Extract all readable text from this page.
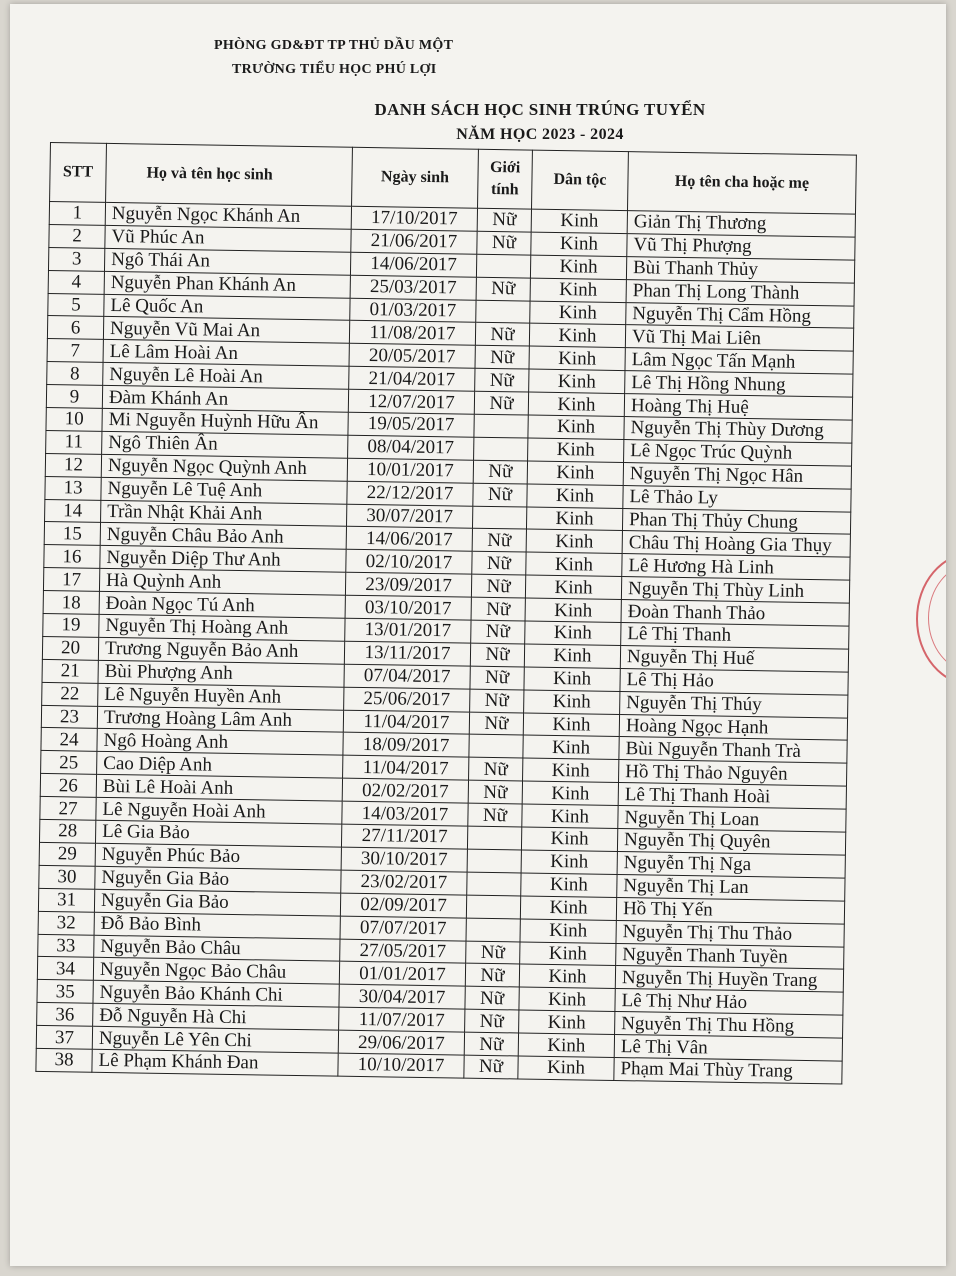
PHÒNG GD&ĐT TP THỦ DẦU MỘT
TRƯỜNG TIỂU HỌC PHÚ LỢI
DANH SÁCH HỌC SINH TRÚNG TUYỂN
NĂM HỌC 2023 - 2024
STT	Họ và tên học sinh	Ngày sinh	Giới tính	Dân tộc	Họ tên cha hoặc mẹ
1	Nguyễn Ngọc Khánh An	17/10/2017	Nữ	Kinh	Giản Thị Thương
2	Vũ Phúc An	21/06/2017	Nữ	Kinh	Vũ Thị Phượng
3	Ngô Thái An	14/06/2017		Kinh	Bùi Thanh Thủy
4	Nguyễn Phan Khánh An	25/03/2017	Nữ	Kinh	Phan Thị Long Thành
5	Lê Quốc An	01/03/2017		Kinh	Nguyễn Thị Cẩm Hồng
6	Nguyễn Vũ Mai An	11/08/2017	Nữ	Kinh	Vũ Thị Mai Liên
7	Lê Lâm Hoài An	20/05/2017	Nữ	Kinh	Lâm Ngọc Tấn Mạnh
8	Nguyễn Lê Hoài An	21/04/2017	Nữ	Kinh	Lê Thị Hồng Nhung
9	Đàm Khánh An	12/07/2017	Nữ	Kinh	Hoàng Thị Huệ
10	Mi Nguyễn Huỳnh Hữu Ân	19/05/2017		Kinh	Nguyễn Thị Thùy Dương
11	Ngô Thiên Ân	08/04/2017		Kinh	Lê Ngọc Trúc Quỳnh
12	Nguyễn Ngọc Quỳnh Anh	10/01/2017	Nữ	Kinh	Nguyễn Thị Ngọc Hân
13	Nguyễn Lê Tuệ Anh	22/12/2017	Nữ	Kinh	Lê Thảo Ly
14	Trần Nhật Khải Anh	30/07/2017		Kinh	Phan Thị Thủy Chung
15	Nguyễn Châu Bảo Anh	14/06/2017	Nữ	Kinh	Châu Thị Hoàng Gia Thụy
16	Nguyễn Diệp Thư Anh	02/10/2017	Nữ	Kinh	Lê Hương Hà Linh
17	Hà Quỳnh Anh	23/09/2017	Nữ	Kinh	Nguyễn Thị Thùy Linh
18	Đoàn Ngọc Tú Anh	03/10/2017	Nữ	Kinh	Đoàn Thanh Thảo
19	Nguyễn Thị Hoàng Anh	13/01/2017	Nữ	Kinh	Lê Thị Thanh
20	Trương Nguyễn Bảo Anh	13/11/2017	Nữ	Kinh	Nguyễn Thị Huế
21	Bùi Phượng Anh	07/04/2017	Nữ	Kinh	Lê Thị Hảo
22	Lê Nguyễn Huyền Anh	25/06/2017	Nữ	Kinh	Nguyễn Thị Thúy
23	Trương Hoàng Lâm Anh	11/04/2017	Nữ	Kinh	Hoàng Ngọc Hạnh
24	Ngô Hoàng Anh	18/09/2017		Kinh	Bùi Nguyễn Thanh Trà
25	Cao Diệp Anh	11/04/2017	Nữ	Kinh	Hồ Thị Thảo Nguyên
26	Bùi Lê Hoài Anh	02/02/2017	Nữ	Kinh	Lê Thị Thanh Hoài
27	Lê Nguyễn Hoài Anh	14/03/2017	Nữ	Kinh	Nguyễn Thị Loan
28	Lê Gia Bảo	27/11/2017		Kinh	Nguyễn Thị Quyên
29	Nguyễn Phúc Bảo	30/10/2017		Kinh	Nguyễn Thị Nga
30	Nguyễn Gia Bảo	23/02/2017		Kinh	Nguyễn Thị Lan
31	Nguyễn Gia Bảo	02/09/2017		Kinh	Hồ Thị Yến
32	Đỗ Bảo Bình	07/07/2017		Kinh	Nguyễn Thị Thu Thảo
33	Nguyễn Bảo Châu	27/05/2017	Nữ	Kinh	Nguyễn Thanh Tuyền
34	Nguyễn Ngọc Bảo Châu	01/01/2017	Nữ	Kinh	Nguyễn Thị Huyền Trang
35	Nguyễn Bảo Khánh Chi	30/04/2017	Nữ	Kinh	Lê Thị Như Hảo
36	Đỗ Nguyễn Hà Chi	11/07/2017	Nữ	Kinh	Nguyễn Thị Thu Hồng
37	Nguyễn Lê Yên Chi	29/06/2017	Nữ	Kinh	Lê Thị Vân
38	Lê Phạm Khánh Đan	10/10/2017	Nữ	Kinh	Phạm Mai Thùy Trang
